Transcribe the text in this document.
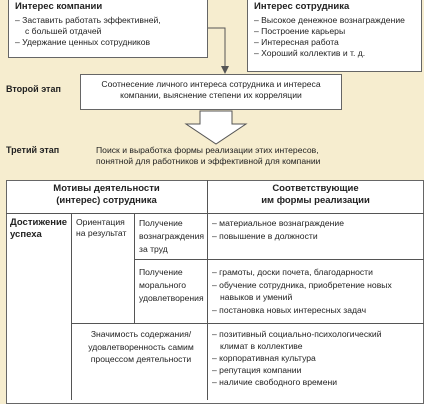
Интерес компании
– Заставить работать эффективней,
с большей отдачей
– Удержание ценных сотрудников
Интерес сотрудника
– Высокое денежное вознаграждение
– Построение карьеры
– Интересная работа
– Хороший коллектив и т. д.
Второй этап	Соотнесение личного интереса сотрудника и интереса
компании, выяснение степени их корреляции
Третий этап	Поиск и выработка формы реализации этих интересов,
понятной для работников и эффективной для компании
Мотивы деятельности
(интерес) сотрудника
Соответствующие
им формы реализации
Достижение
успеха
Ориентация
на результат
Получение
вознаграждения
за труд
– материальное вознаграждение
– повышение в должности
Получение
морального
удовлетворения
– грамоты, доски почета, благодарности
– обучение сотрудника, приобретение новых
навыков и умений
– постановка новых интересных задач
Значимость содержания/
удовлетворенность самим
процессом деятельности
– позитивный социально-психологический
климат в коллективе
– корпоративная культура
– репутация компании
– наличие свободного времени
